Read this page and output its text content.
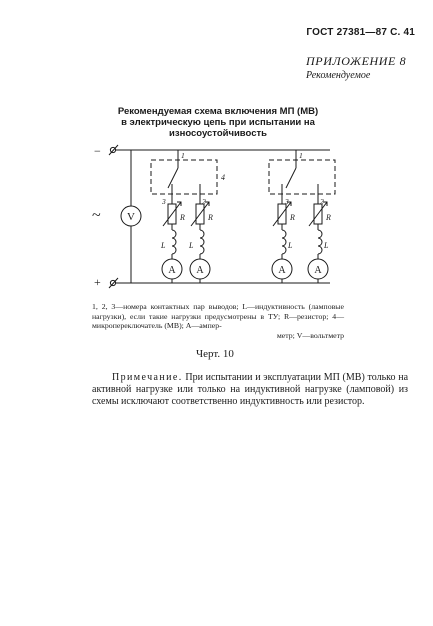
ГОСТ 27381—87 С. 41
ПРИЛОЖЕНИЕ 8
Рекомендуемое
Рекомендуемая схема включения МП (МВ)
в электрическую цепь при испытании на
износоустойчивость
−
+
~ V
4
1
3	2
R	R
L	L
A A
1
3	2
R	R
L	L
A	A
1, 2, 3—номера контактных пар выводов; L—индуктивность (ламповые нагрузки), если такие нагрузки предусмотрены в ТУ; R—резистор; 4—микропереключатель (МВ); А—ампер-
метр; V—вольтметр
Черт. 10
Примечание. При испытании и эксплуатации МП (МВ) только на активной нагрузке или только на индуктивной нагрузке (ламповой) из схемы исключают соответственно индуктивность или резистор.
